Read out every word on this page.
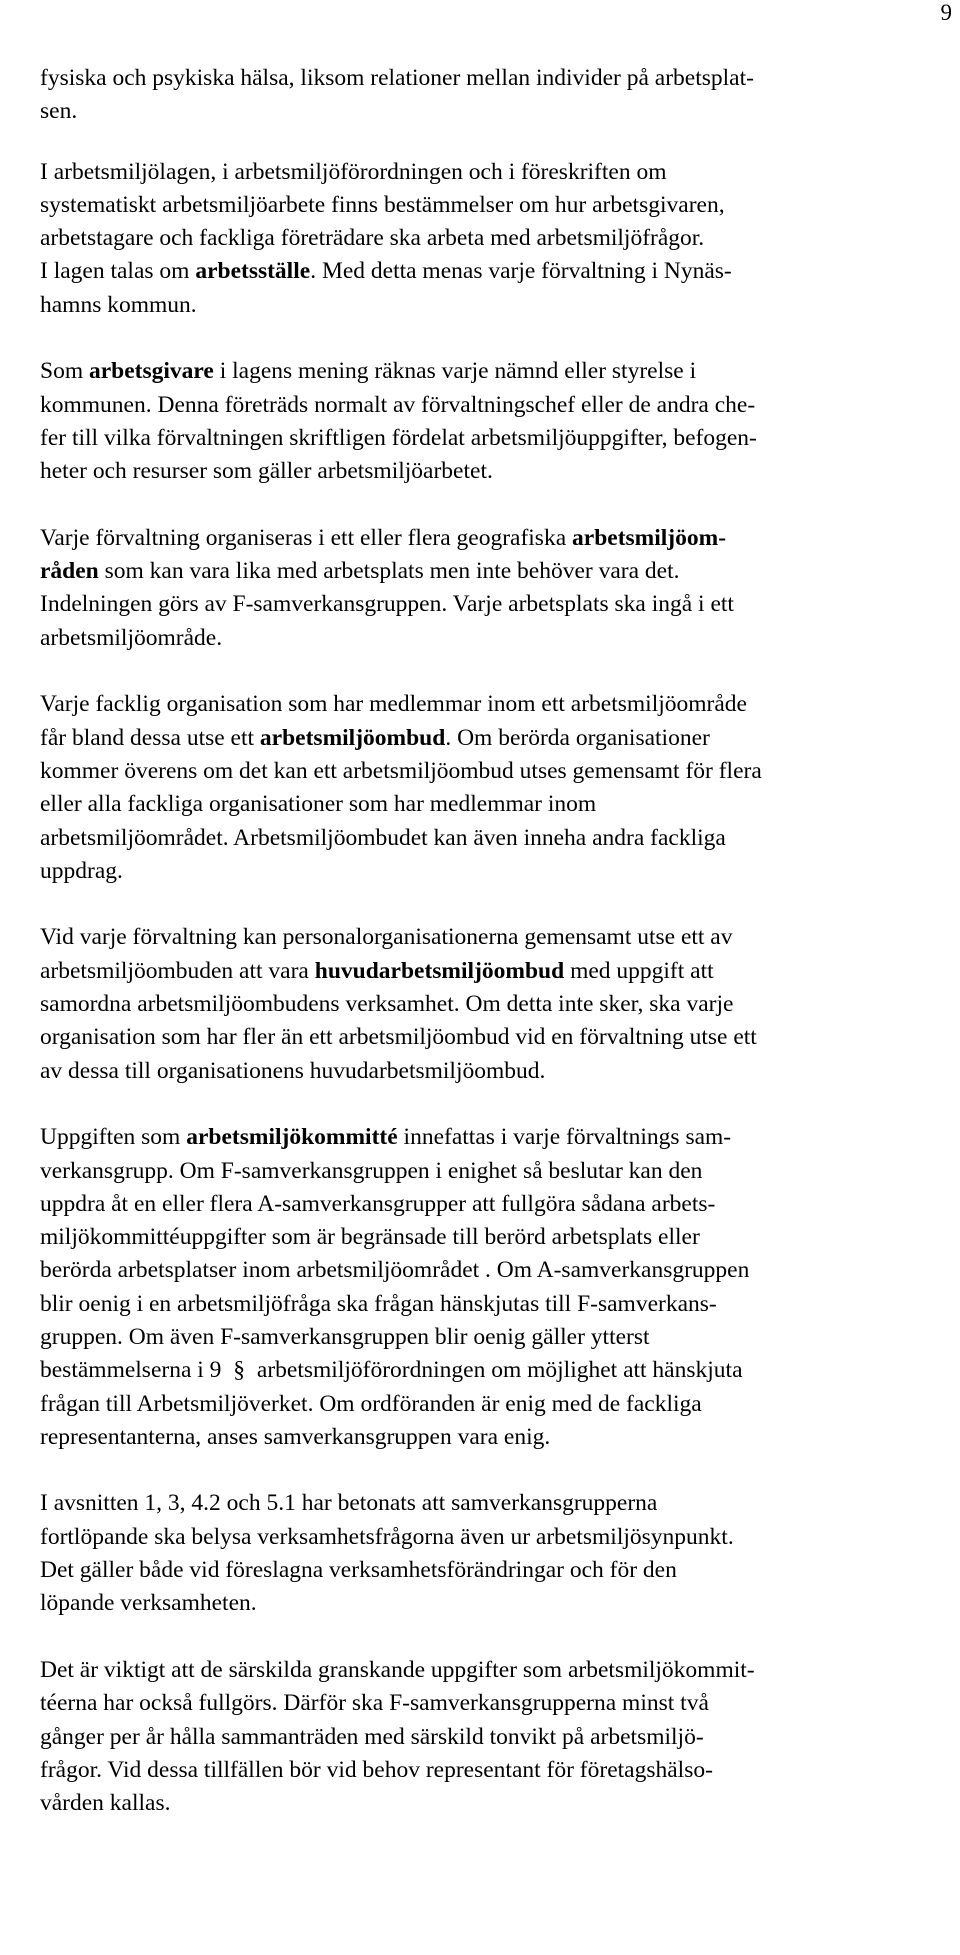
9
fysiska och psykiska hälsa, liksom relationer mellan individer på arbetsplat-
sen.
I arbetsmiljölagen, i arbetsmiljöförordningen och i föreskriften om
systematiskt arbetsmiljöarbete finns bestämmelser om hur arbetsgivaren,
arbetstagare och fackliga företrädare ska arbeta med arbetsmiljöfrågor.
I lagen talas om arbetsställe. Med detta menas varje förvaltning i Nynäs-
hamns kommun.
Som arbetsgivare i lagens mening räknas varje nämnd eller styrelse i
kommunen. Denna företräds normalt av förvaltningschef eller de andra che-
fer till vilka förvaltningen skriftligen fördelat arbetsmiljöuppgifter, befogen-
heter och resurser som gäller arbetsmiljöarbetet.
Varje förvaltning organiseras i ett eller flera geografiska arbetsmiljöom-
råden som kan vara lika med arbetsplats men inte behöver vara det.
Indelningen görs av F-samverkansgruppen. Varje arbetsplats ska ingå i ett
arbetsmiljöområde.
Varje facklig organisation som har medlemmar inom ett arbetsmiljöområde
får bland dessa utse ett arbetsmiljöombud. Om berörda organisationer
kommer överens om det kan ett arbetsmiljöombud utses gemensamt för flera
eller alla fackliga organisationer som har medlemmar inom
arbetsmiljöområdet. Arbetsmiljöombudet kan även inneha andra fackliga
uppdrag.
Vid varje förvaltning kan personalorganisationerna gemensamt utse ett av
arbetsmiljöombuden att vara huvudarbetsmiljöombud med uppgift att
samordna arbetsmiljöombudens verksamhet. Om detta inte sker, ska varje
organisation som har fler än ett arbetsmiljöombud vid en förvaltning utse ett
av dessa till organisationens huvudarbetsmiljöombud.
Uppgiften som arbetsmiljökommitté innefattas i varje förvaltnings sam-
verkansgrupp. Om F-samverkansgruppen i enighet så beslutar kan den
uppdra åt en eller flera A-samverkansgrupper att fullgöra sådana arbets-
miljökommittéuppgifter som är begränsade till berörd arbetsplats eller
berörda arbetsplatser inom arbetsmiljöområdet . Om A-samverkansgruppen
blir oenig i en arbetsmiljöfråga ska frågan hänskjutas till F-samverkans-
gruppen. Om även F-samverkansgruppen blir oenig gäller ytterst
bestämmelserna i 9 § arbetsmiljöförordningen om möjlighet att hänskjuta
frågan till Arbetsmiljöverket. Om ordföranden är enig med de fackliga
representanterna, anses samverkansgruppen vara enig.
I avsnitten 1, 3, 4.2 och 5.1 har betonats att samverkansgrupperna
fortlöpande ska belysa verksamhetsfrågorna även ur arbetsmiljösynpunkt.
Det gäller både vid föreslagna verksamhetsförändringar och för den
löpande verksamheten.
Det är viktigt att de särskilda granskande uppgifter som arbetsmiljökommit-
téerna har också fullgörs. Därför ska F-samverkansgrupperna minst två
gånger per år hålla sammanträden med särskild tonvikt på arbetsmiljö-
frågor. Vid dessa tillfällen bör vid behov representant för företagshälso-
vården kallas.
